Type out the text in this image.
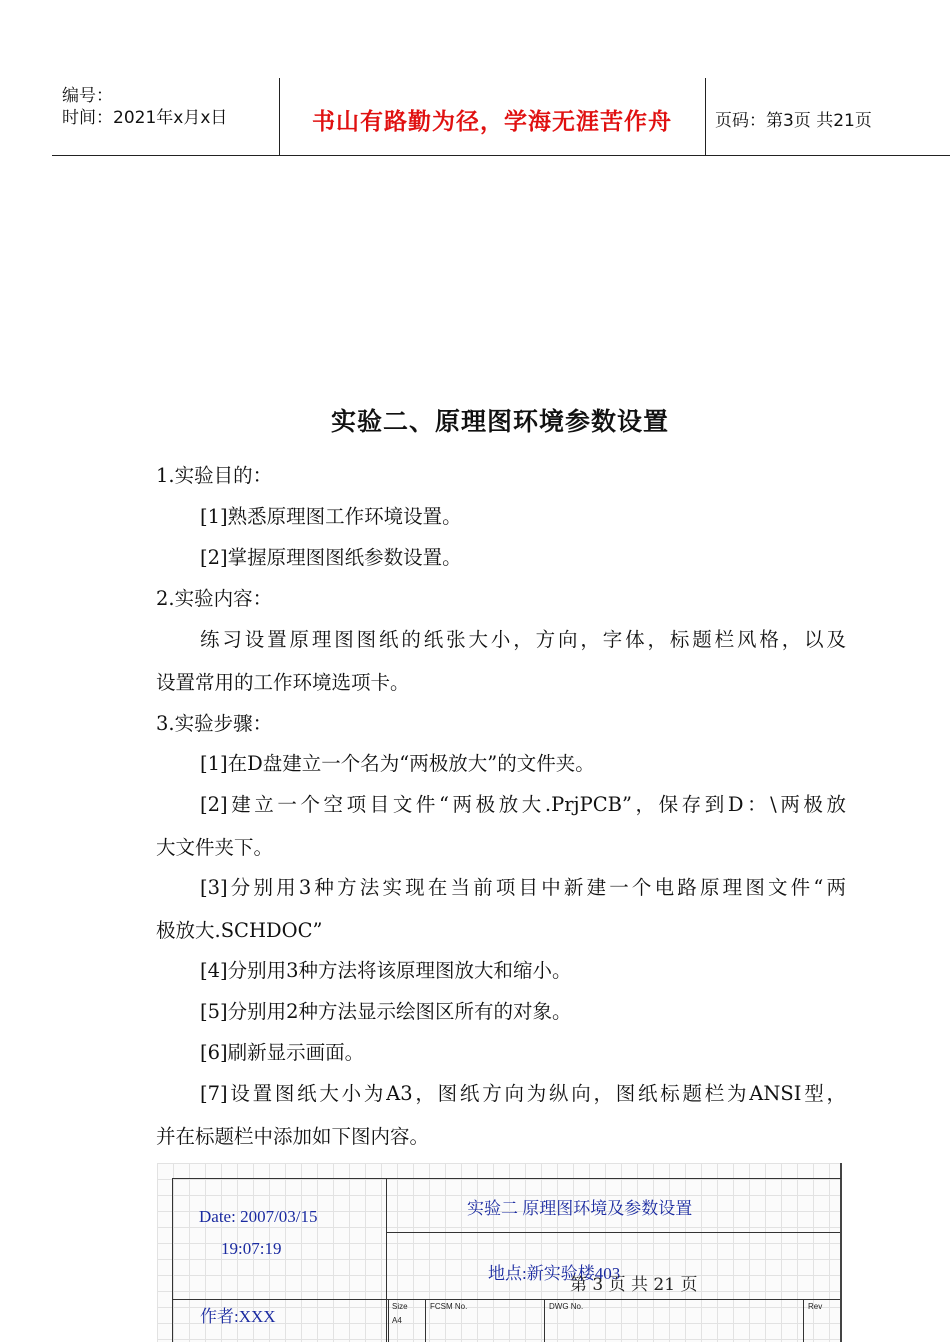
编号：
时间：2021年x月x日	书山有路勤为径，学海无涯苦作舟	页码：第3页 共21页
实验二、原理图环境参数设置
1.实验目的：
[1]熟悉原理图工作环境设置。
[2]掌握原理图图纸参数设置。
2.实验内容：
练习设置原理图图纸的纸张大小，方向，字体，标题栏风格，以及
设置常用的工作环境选项卡。
3.实验步骤：
[1]在D盘建立一个名为“两极放大”的文件夹。
[2]建立一个空项目文件“两极放大.PrjPCB”，保存到D：\两极放
大文件夹下。
[3]分别用3种方法实现在当前项目中新建一个电路原理图文件“两
极放大.SCHDOC”
[4]分别用3种方法将该原理图放大和缩小。
[5]分别用2种方法显示绘图区所有的对象。
[6]刷新显示画面。
[7]设置图纸大小为A3，图纸方向为纵向，图纸标题栏为ANSI型，
并在标题栏中添加如下图内容。
Date: 2007/03/15
19:07:19
实验二 原理图环境及参数设置
地点:新实验楼403
作者:XXX
Size
A4
FCSM No.	DWG No.	Rev
第 3 页 共 21 页
